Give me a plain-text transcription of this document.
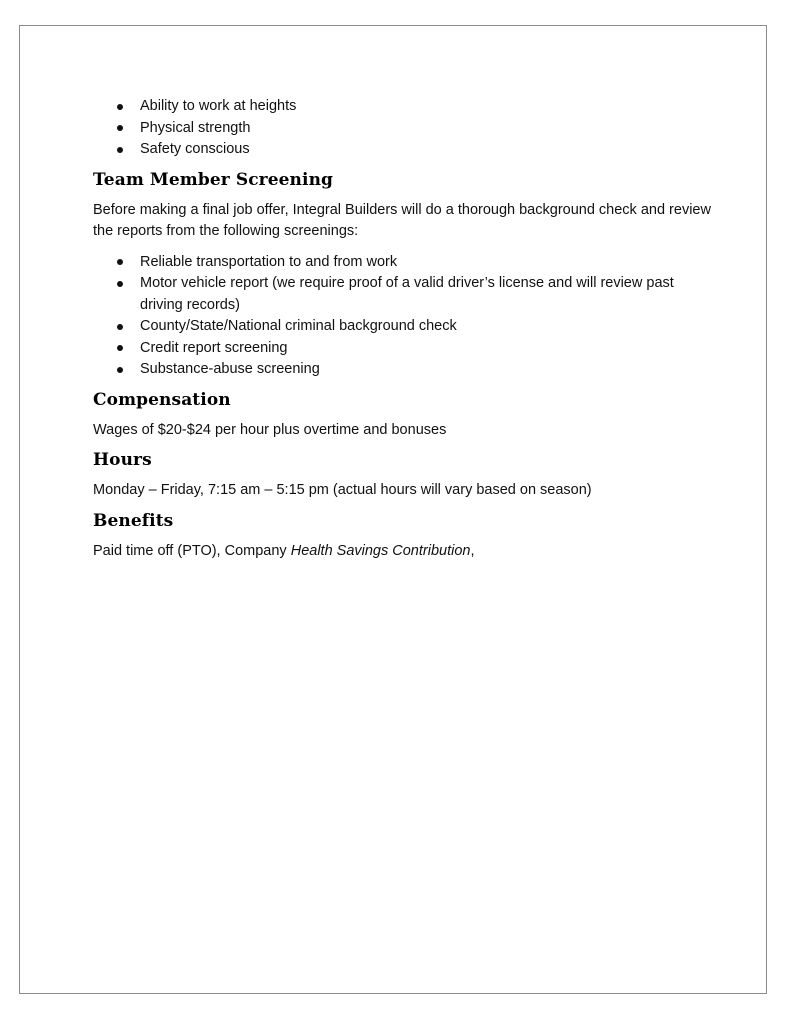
Ability to work at heights
Physical strength
Safety conscious
Team Member Screening

Before making a final job offer, Integral Builders will do a thorough background check and review the reports from the following screenings:

Reliable transportation to and from work
Motor vehicle report (we require proof of a valid driver’s license and will review past driving records)
County/State/National criminal background check
Credit report screening
Substance-abuse screening
Compensation

Wages of $20-$24 per hour plus overtime and bonuses

Hours

Monday – Friday, 7:15 am – 5:15 pm (actual hours will vary based on season)

Benefits

Paid time off (PTO), Company Health Savings Contribution,
